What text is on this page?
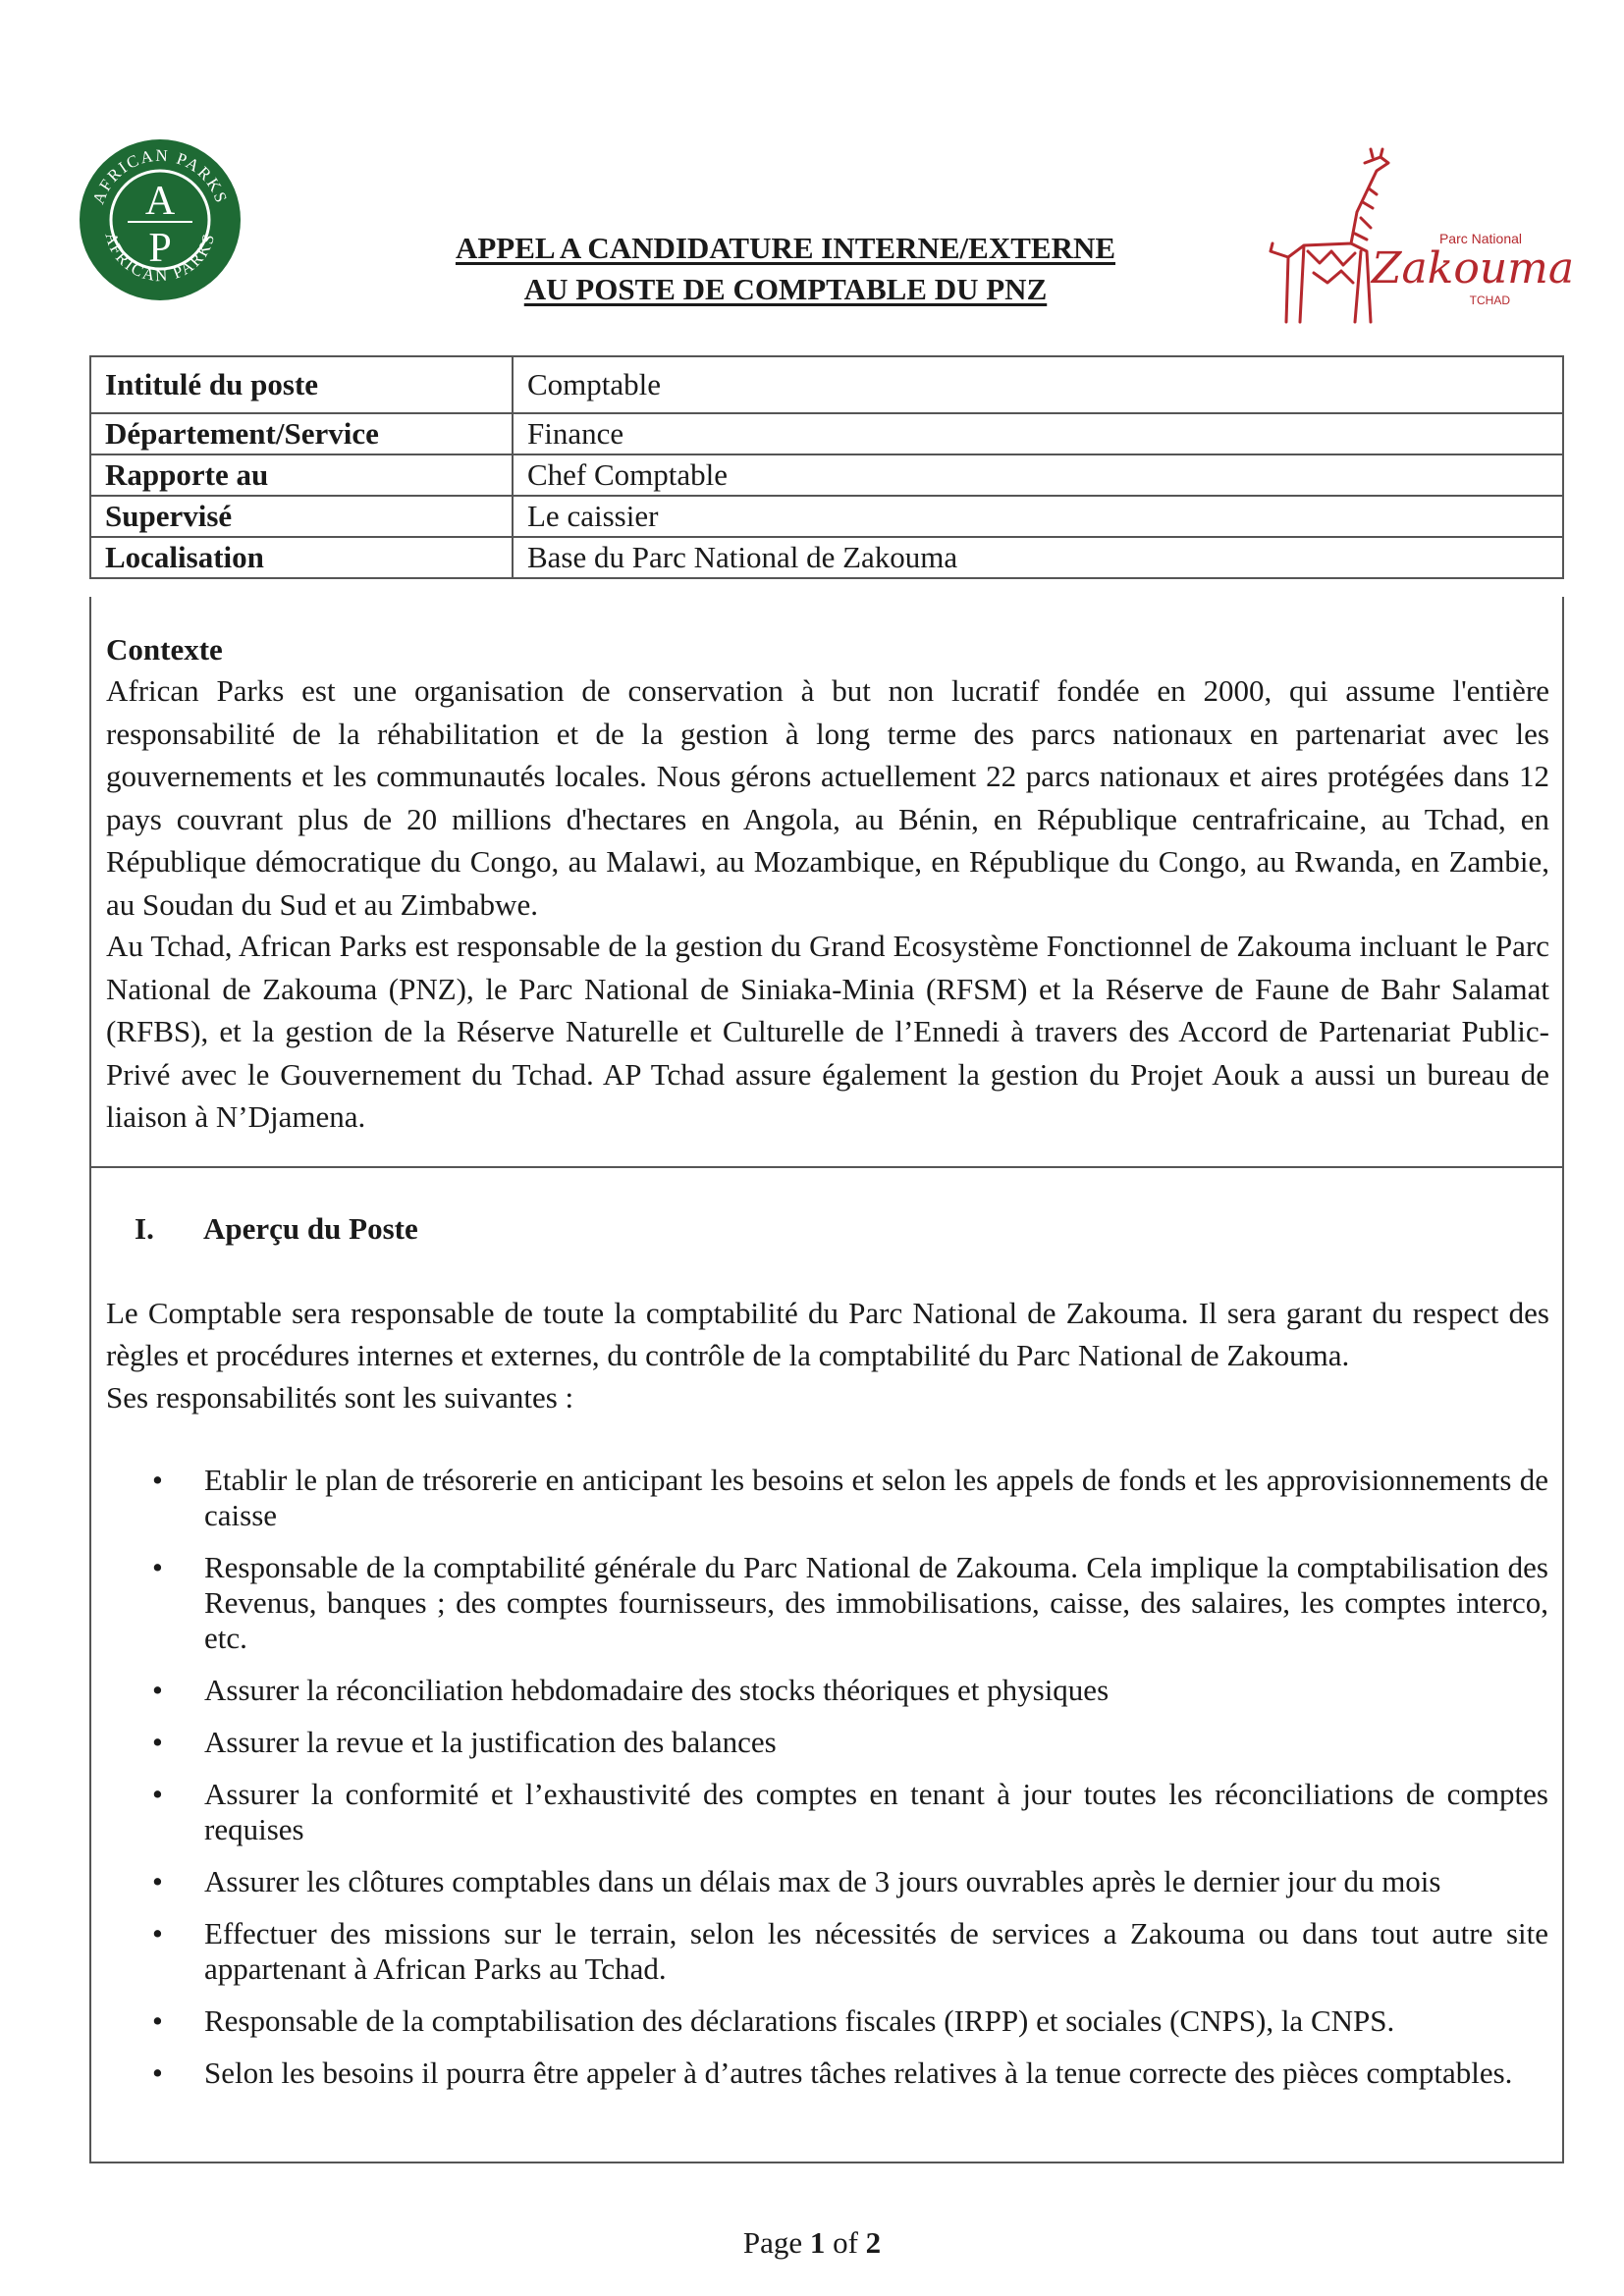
AFRICAN PARKS
AFRICAN PARKS
A
P	Parc National
Zakouma
TCHAD
APPEL A CANDIDATURE INTERNE/EXTERNE
AU POSTE DE COMPTABLE DU PNZ
Intitulé du poste	Comptable
Département/Service	Finance
Rapporte au	Chef Comptable
Supervisé	Le caissier
Localisation	Base du Parc National de Zakouma
Contexte

African Parks est une organisation de conservation à but non lucratif fondée en 2000, qui assume l'entière responsabilité de la réhabilitation et de la gestion à long terme des parcs nationaux en partenariat avec les gouvernements et les communautés locales. Nous gérons actuellement 22 parcs nationaux et aires protégées dans 12 pays couvrant plus de 20 millions d'hectares en Angola, au Bénin, en République centrafricaine, au Tchad, en République démocratique du Congo, au Malawi, au Mozambique, en République du Congo, au Rwanda, en Zambie, au Soudan du Sud et au Zimbabwe.

Au Tchad, African Parks est responsable de la gestion du Grand Ecosystème Fonctionnel de Zakouma incluant le Parc National de Zakouma (PNZ), le Parc National de Siniaka-Minia (RFSM) et la Réserve de Faune de Bahr Salamat (RFBS), et la gestion de la Réserve Naturelle et Culturelle de l’Ennedi à travers des Accord de Partenariat Public-Privé avec le Gouvernement du Tchad. AP Tchad assure également la gestion du Projet Aouk a aussi un bureau de liaison à N’Djamena.

I. Aperçu du Poste

Le Comptable sera responsable de toute la comptabilité du Parc National de Zakouma. Il sera garant du respect des règles et procédures internes et externes, du contrôle de la comptabilité du Parc National de Zakouma.
Ses responsabilités sont les suivantes :

• Etablir le plan de trésorerie en anticipant les besoins et selon les appels de fonds et les approvisionnements de caisse
• Responsable de la comptabilité générale du Parc National de Zakouma. Cela implique la comptabilisation des Revenus, banques ; des comptes fournisseurs, des immobilisations, caisse, des salaires, les comptes interco, etc.
• Assurer la réconciliation hebdomadaire des stocks théoriques et physiques
• Assurer la revue et la justification des balances
• Assurer la conformité et l’exhaustivité des comptes en tenant à jour toutes les réconciliations de comptes requises
• Assurer les clôtures comptables dans un délais max de 3 jours ouvrables après le dernier jour du mois
• Effectuer des missions sur le terrain, selon les nécessités de services a Zakouma ou dans tout autre site appartenant à African Parks au Tchad.
• Responsable de la comptabilisation des déclarations fiscales (IRPP) et sociales (CNPS), la CNPS.
• Selon les besoins il pourra être appeler à d’autres tâches relatives à la tenue correcte des pièces comptables.
Page 1 of 2
